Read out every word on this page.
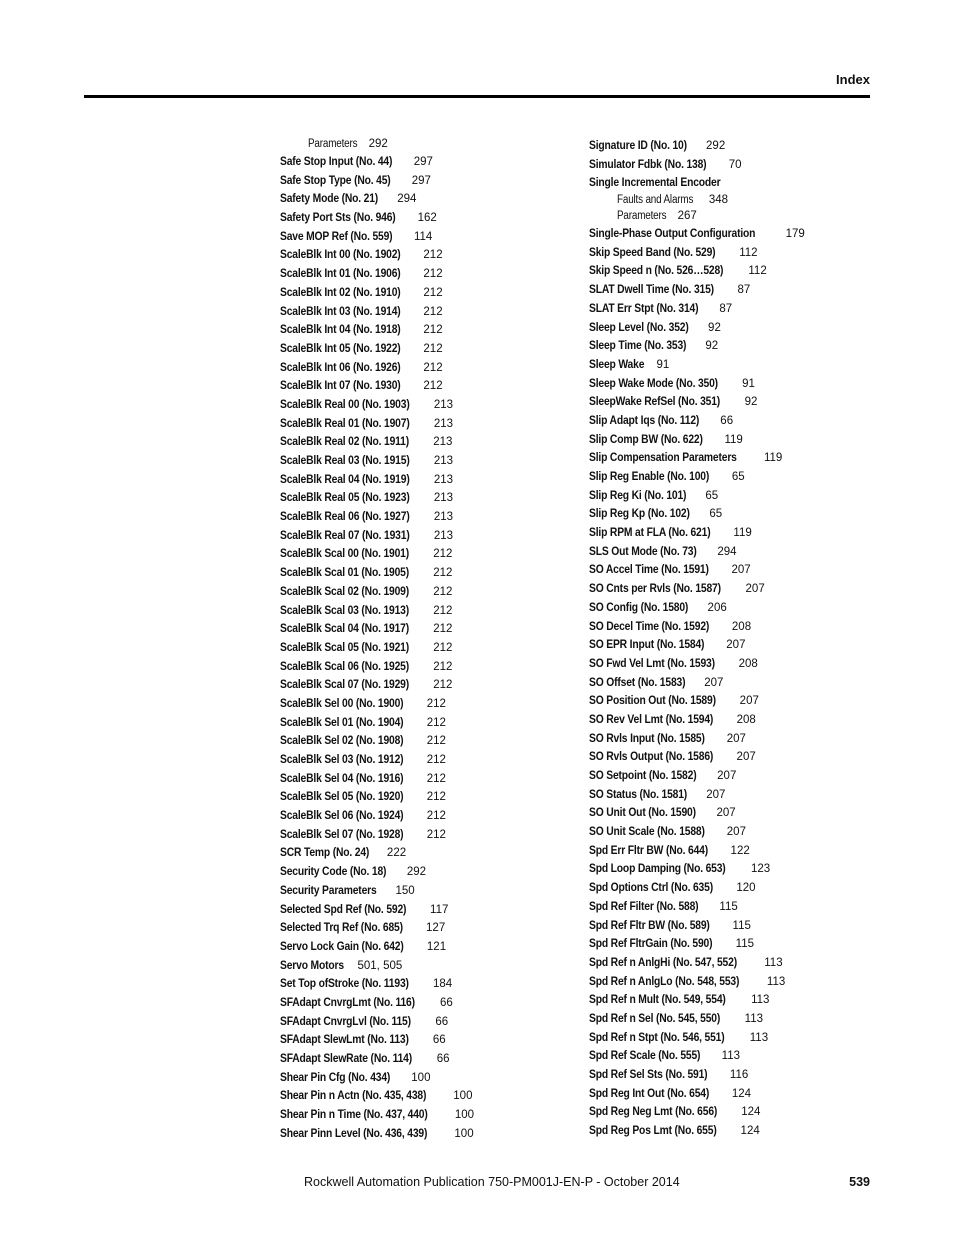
Index
Parameters 292
Safe Stop Input (No. 44) 297
Safe Stop Type (No. 45) 297
Safety Mode (No. 21) 294
Safety Port Sts (No. 946) 162
Save MOP Ref (No. 559) 114
ScaleBlk Int 00 (No. 1902) 212
ScaleBlk Int 01 (No. 1906) 212
ScaleBlk Int 02 (No. 1910) 212
ScaleBlk Int 03 (No. 1914) 212
ScaleBlk Int 04 (No. 1918) 212
ScaleBlk Int 05 (No. 1922) 212
ScaleBlk Int 06 (No. 1926) 212
ScaleBlk Int 07 (No. 1930) 212
ScaleBlk Real 00 (No. 1903) 213
ScaleBlk Real 01 (No. 1907) 213
ScaleBlk Real 02 (No. 1911) 213
ScaleBlk Real 03 (No. 1915) 213
ScaleBlk Real 04 (No. 1919) 213
ScaleBlk Real 05 (No. 1923) 213
ScaleBlk Real 06 (No. 1927) 213
ScaleBlk Real 07 (No. 1931) 213
ScaleBlk Scal 00 (No. 1901) 212
ScaleBlk Scal 01 (No. 1905) 212
ScaleBlk Scal 02 (No. 1909) 212
ScaleBlk Scal 03 (No. 1913) 212
ScaleBlk Scal 04 (No. 1917) 212
ScaleBlk Scal 05 (No. 1921) 212
ScaleBlk Scal 06 (No. 1925) 212
ScaleBlk Scal 07 (No. 1929) 212
ScaleBlk Sel 00 (No. 1900) 212
ScaleBlk Sel 01 (No. 1904) 212
ScaleBlk Sel 02 (No. 1908) 212
ScaleBlk Sel 03 (No. 1912) 212
ScaleBlk Sel 04 (No. 1916) 212
ScaleBlk Sel 05 (No. 1920) 212
ScaleBlk Sel 06 (No. 1924) 212
ScaleBlk Sel 07 (No. 1928) 212
SCR Temp (No. 24) 222
Security Code (No. 18) 292
Security Parameters 150
Selected Spd Ref (No. 592) 117
Selected Trq Ref (No. 685) 127
Servo Lock Gain (No. 642) 121
Servo Motors 501, 505
Set Top ofStroke (No. 1193) 184
SFAdapt CnvrgLmt (No. 116) 66
SFAdapt CnvrgLvl (No. 115) 66
SFAdapt SlewLmt (No. 113) 66
SFAdapt SlewRate (No. 114) 66
Shear Pin Cfg (No. 434) 100
Shear Pin n Actn (No. 435, 438) 100
Shear Pin n Time (No. 437, 440) 100
Shear Pinn Level (No. 436, 439) 100
Signature ID (No. 10) 292
Simulator Fdbk (No. 138) 70
Single Incremental Encoder
Faults and Alarms 348
Parameters 267
Single-Phase Output Configuration 179
Skip Speed Band (No. 529) 112
Skip Speed n (No. 526…528) 112
SLAT Dwell Time (No. 315) 87
SLAT Err Stpt (No. 314) 87
Sleep Level (No. 352) 92
Sleep Time (No. 353) 92
Sleep Wake 91
Sleep Wake Mode (No. 350) 91
SleepWake RefSel (No. 351) 92
Slip Adapt Iqs (No. 112) 66
Slip Comp BW (No. 622) 119
Slip Compensation Parameters 119
Slip Reg Enable (No. 100) 65
Slip Reg Ki (No. 101) 65
Slip Reg Kp (No. 102) 65
Slip RPM at FLA (No. 621) 119
SLS Out Mode (No. 73) 294
SO Accel Time (No. 1591) 207
SO Cnts per Rvls (No. 1587) 207
SO Config (No. 1580) 206
SO Decel Time (No. 1592) 208
SO EPR Input (No. 1584) 207
SO Fwd Vel Lmt (No. 1593) 208
SO Offset (No. 1583) 207
SO Position Out (No. 1589) 207
SO Rev Vel Lmt (No. 1594) 208
SO Rvls Input (No. 1585) 207
SO Rvls Output (No. 1586) 207
SO Setpoint (No. 1582) 207
SO Status (No. 1581) 207
SO Unit Out (No. 1590) 207
SO Unit Scale (No. 1588) 207
Spd Err Fltr BW (No. 644) 122
Spd Loop Damping (No. 653) 123
Spd Options Ctrl (No. 635) 120
Spd Ref Filter (No. 588) 115
Spd Ref Fltr BW (No. 589) 115
Spd Ref FltrGain (No. 590) 115
Spd Ref n AnlgHi (No. 547, 552) 113
Spd Ref n AnlgLo (No. 548, 553) 113
Spd Ref n Mult (No. 549, 554) 113
Spd Ref n Sel (No. 545, 550) 113
Spd Ref n Stpt (No. 546, 551) 113
Spd Ref Scale (No. 555) 113
Spd Ref Sel Sts (No. 591) 116
Spd Reg Int Out (No. 654) 124
Spd Reg Neg Lmt (No. 656) 124
Spd Reg Pos Lmt (No. 655) 124
Rockwell Automation Publication 750-PM001J-EN-P - October 2014	539
